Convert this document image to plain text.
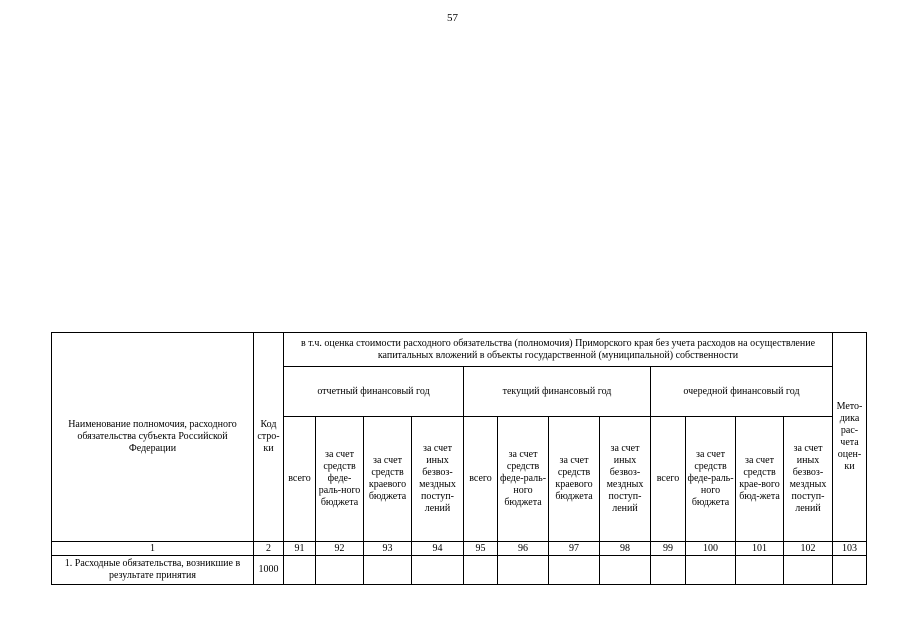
57
Наименование полномочия, расходного обязательства субъекта Российской Федерации	Код стро-ки	в т.ч. оценка стоимости расходного обязательства (полномочия) Приморского края без учета расходов на осуществление капитальных вложений в объекты государственной (муниципальной) собственности												Мето-дика рас-чета оцен-ки
		отчетный финансовый год				текущий финансовый год				очередной финансовый год				
		всего	за счет средств феде-раль-ного бюджета	за счет средств краевого бюджета	за счет иных безвоз-мездных поступ-лений	всего	за счет средств феде-раль-ного бюджета	за счет средств краевого бюджета	за счет иных безвоз-мездных поступ-лений	всего	за счет средств феде-раль-ного бюджета	за счет средств крае-вого бюд-жета	за счет иных безвоз-мездных поступ-лений	
1	2	91	92	93	94	95	96	97	98	99	100	101	102	103
1. Расходные обязательства, возникшие в результате принятия	1000													
